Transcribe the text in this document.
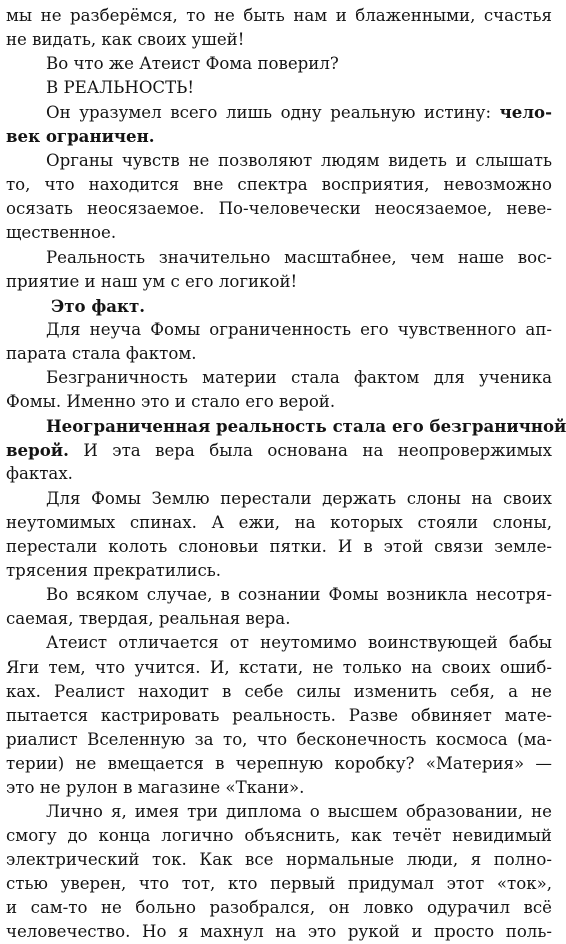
мы не разберёмся, то не быть нам и блаженными, счастья
не видать, как своих ушей!
Во что же Атеист Фома поверил?
В РЕАЛЬНОСТЬ!
Он уразумел всего лишь одну реальную истину: чело-
век ограничен.
Органы чувств не позволяют людям видеть и слышать
то, что находится вне спектра восприятия, невозможно
осязать неосязаемое. По-человечески неосязаемое, неве-
щественное.
Реальность значительно масштабнее, чем наше вос-
приятие и наш ум с его логикой!
Это факт.
Для неуча Фомы ограниченность его чувственного ап-
парата стала фактом.
Безграничность материи стала фактом для ученика
Фомы. Именно это и стало его верой.
Неограниченная реальность стала его безграничной
верой. И эта вера была основана на неопровержимых
фактах.
Для Фомы Землю перестали держать слоны на своих
неутомимых спинах. А ежи, на которых стояли слоны,
перестали колоть слоновьи пятки. И в этой связи земле-
трясения прекратились.
Во всяком случае, в сознании Фомы возникла несотря-
саемая, твердая, реальная вера.
Атеист отличается от неутомимо воинствующей бабы
Яги тем, что учится. И, кстати, не только на своих ошиб-
ках. Реалист находит в себе силы изменить себя, а не
пытается кастрировать реальность. Разве обвиняет мате-
риалист Вселенную за то, что бесконечность космоса (ма-
терии) не вмещается в черепную коробку? «Материя» —
это не рулон в магазине «Ткани».
Лично я, имея три диплома о высшем образовании, не
смогу до конца логично объяснить, как течёт невидимый
электрический ток. Как все нормальные люди, я полно-
стью уверен, что тот, кто первый придумал этот «ток»,
и сам-то не больно разобрался, он ловко одурачил всё
человечество. Но я махнул на это рукой и просто поль-
